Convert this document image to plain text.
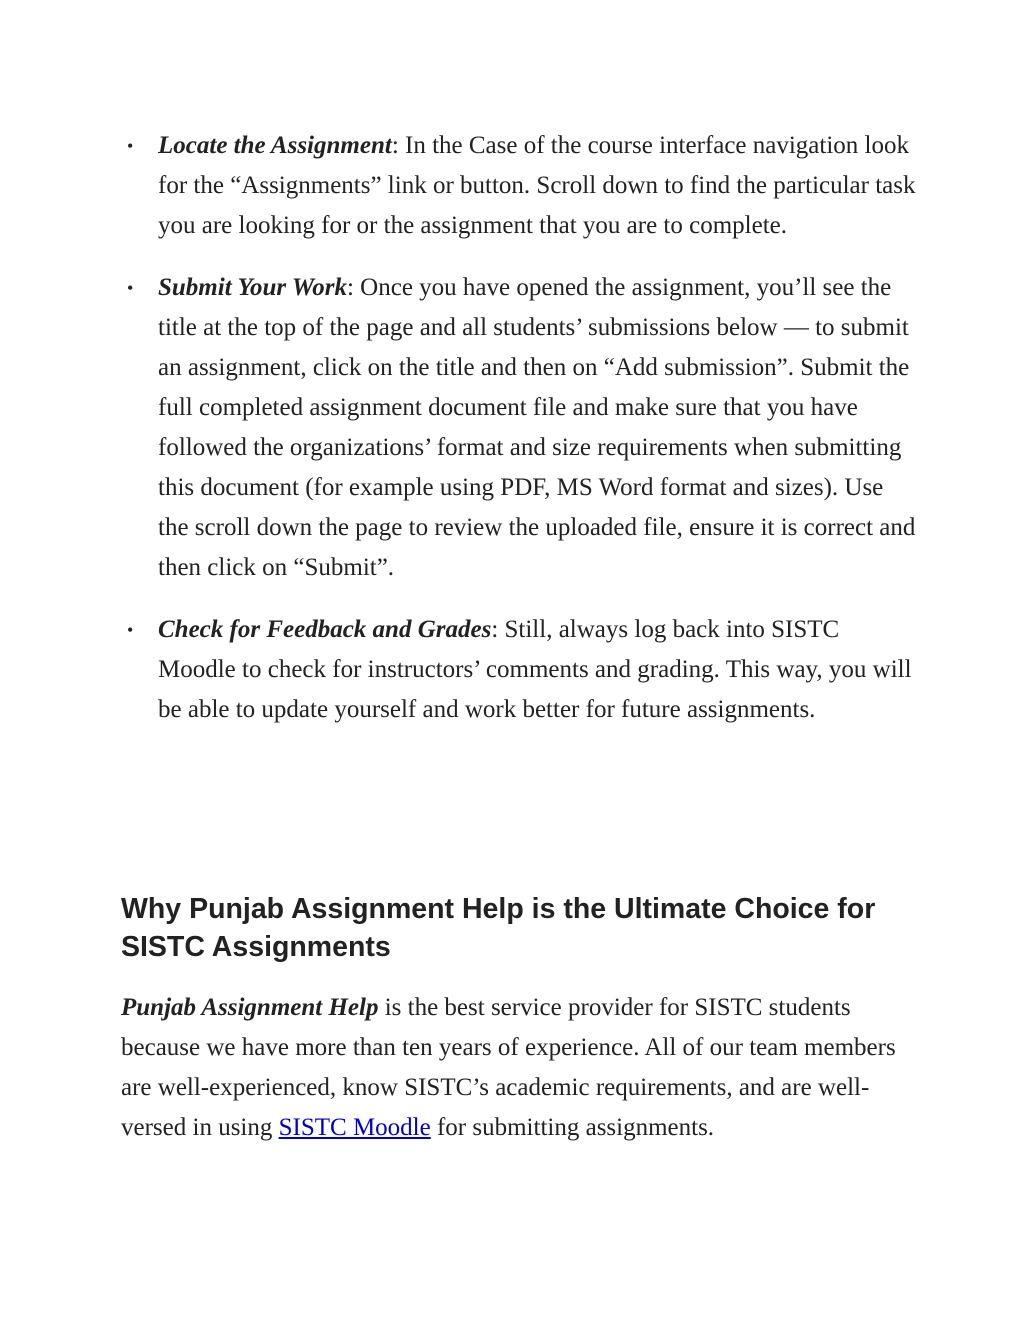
• Locate the Assignment: In the Case of the course interface navigation look for the “Assignments” link or button. Scroll down to find the particular task you are looking for or the assignment that you are to complete.
• Submit Your Work: Once you have opened the assignment, you’ll see the title at the top of the page and all students’ submissions below — to submit an assignment, click on the title and then on “Add submission”. Submit the full completed assignment document file and make sure that you have followed the organizations’ format and size requirements when submitting this document (for example using PDF, MS Word format and sizes). Use the scroll down the page to review the uploaded file, ensure it is correct and then click on “Submit”.
• Check for Feedback and Grades: Still, always log back into SISTC Moodle to check for instructors’ comments and grading. This way, you will be able to update yourself and work better for future assignments.
Why Punjab Assignment Help is the Ultimate Choice for SISTC Assignments

Punjab Assignment Help is the best service provider for SISTC students because we have more than ten years of experience. All of our team members are well-experienced, know SISTC’s academic requirements, and are well-versed in using SISTC Moodle for submitting assignments.
